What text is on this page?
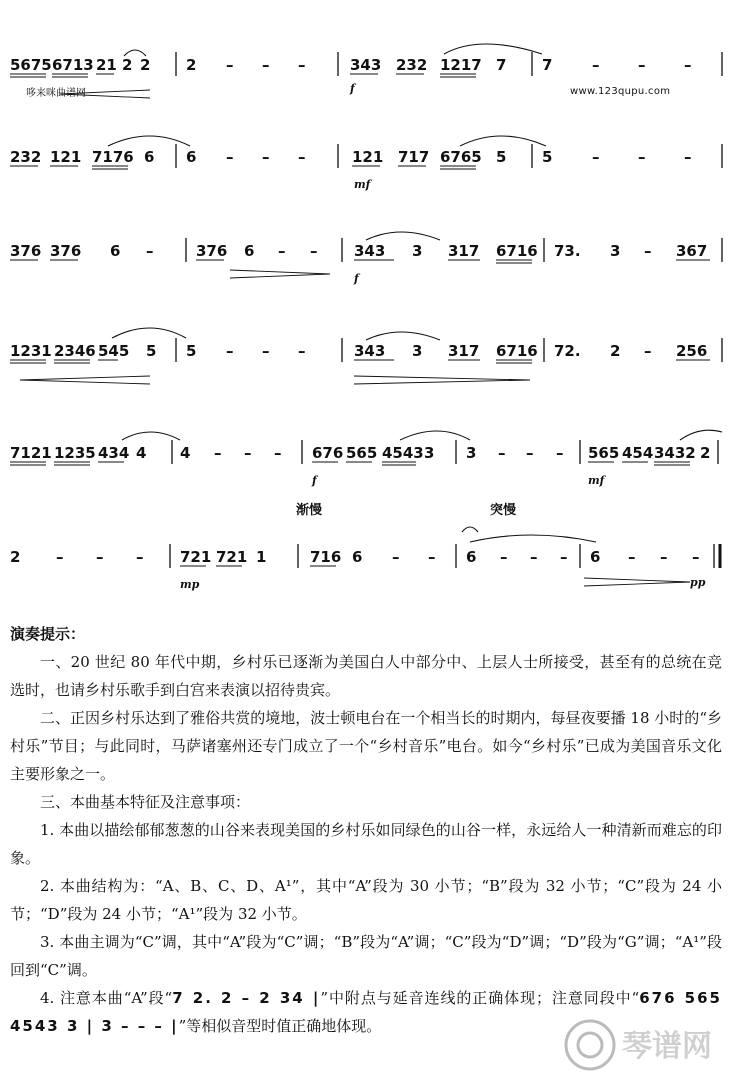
5675 6713 21 2 2 2 – – –	343 232 1217 7 7	–	–	–
f
232 121 7176 6 6 – – –	121 717 6765 5 5	–	–	–
mf
376 376 6 –	376 6 – – 343 3 317 6716 73. 3 – 367
f
1231 2346 545 5 5 – – –	343 3 317 6716 72. 2 – 256
7121 1235 434 4 4 – – – 676 565 4543 3 3 – – – 565 454 3432 2
f	mf
渐慢	突慢
2 – – – 721 721 1	716 6 – – 6 – – – 6 – – –
mp	pp
哆来咪曲谱网	www.123qupu.com
演奏提示：

一、20 世纪 80 年代中期，乡村乐已逐渐为美国白人中部分中、上层人士所接受，甚至有的总统在竞选时，也请乡村乐歌手到白宫来表演以招待贵宾。

二、正因乡村乐达到了雅俗共赏的境地，波士顿电台在一个相当长的时期内，每昼夜要播 18 小时的“乡村乐”节目；与此同时，马萨诸塞州还专门成立了一个“乡村音乐”电台。如今“乡村乐”已成为美国音乐文化主要形象之一。

三、本曲基本特征及注意事项：

1. 本曲以描绘郁郁葱葱的山谷来表现美国的乡村乐如同绿色的山谷一样，永远给人一种清新而难忘的印象。

2. 本曲结构为：“A、B、C、D、A¹”，其中“A”段为 30 小节；“B”段为 32 小节；“C”段为 24 小节；“D”段为 24 小节；“A¹”段为 32 小节。

3. 本曲主调为“C”调，其中“A”段为“C”调；“B”段为“A”调；“C”段为“D”调；“D”段为“G”调；“A¹”段回到“C”调。

4. 注意本曲“A”段“7 2. 2 – 2 34 |”中附点与延音连线的正确体现；注意同段中“676 565 4543 3 | 3 – – – |”等相似音型时值正确地体现。

琴谱网
